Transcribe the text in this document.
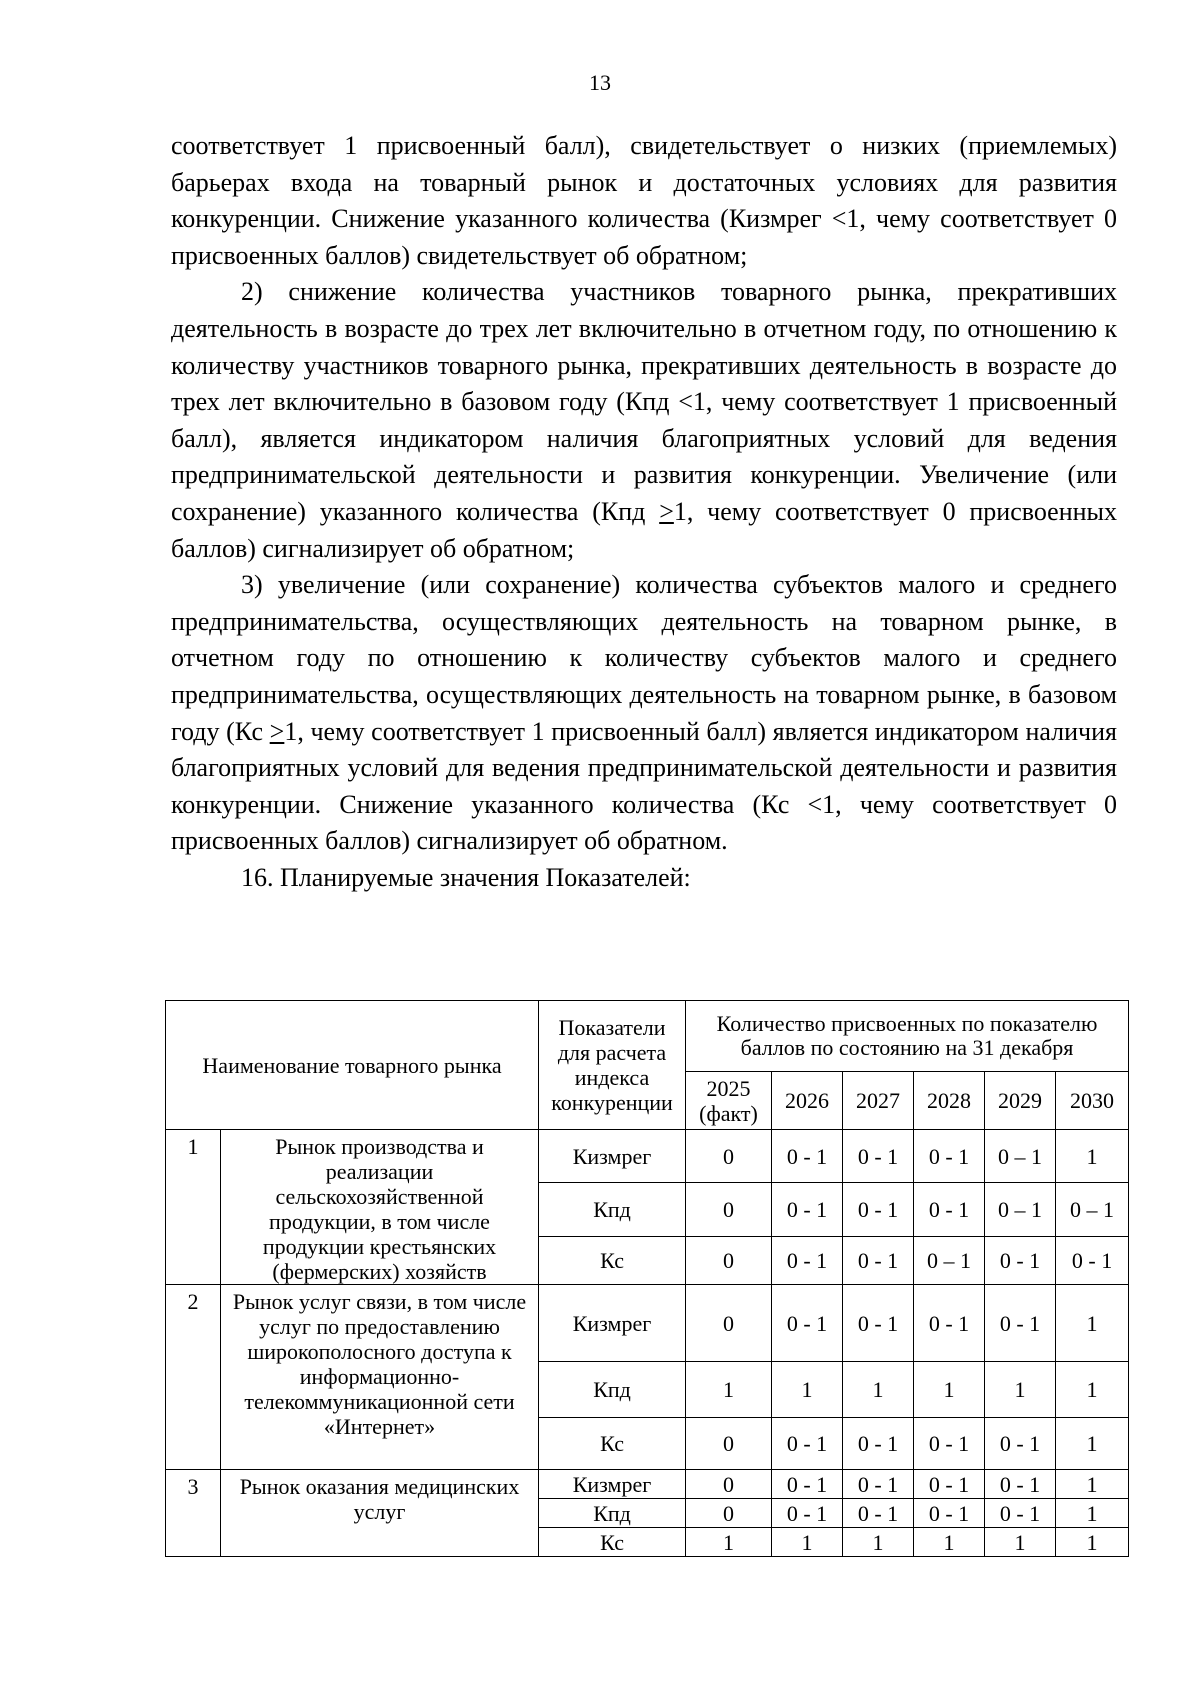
13

соответствует 1 присвоенный балл), свидетельствует о низких (приемлемых) барьерах входа на товарный рынок и достаточных условиях для развития конкуренции. Снижение указанного количества (Кизмрег <1, чему соответствует 0 присвоенных баллов) свидетельствует об обратном;

2) снижение количества участников товарного рынка, прекративших деятельность в возрасте до трех лет включительно в отчетном году, по отношению к количеству участников товарного рынка, прекративших деятельность в возрасте до трех лет включительно в базовом году (Кпд <1, чему соответствует 1 присвоенный балл), является индикатором наличия благоприятных условий для ведения предпринимательской деятельности и развития конкуренции. Увеличение (или сохранение) указанного количества (Кпд >1, чему соответствует 0 присвоенных баллов) сигнализирует об обратном;

3) увеличение (или сохранение) количества субъектов малого и среднего предпринимательства, осуществляющих деятельность на товарном рынке, в отчетном году по отношению к количеству субъектов малого и среднего предпринимательства, осуществляющих деятельность на товарном рынке, в базовом году (Кс >1, чему соответствует 1 присвоенный балл) является индикатором наличия благоприятных условий для ведения предпринимательской деятельности и развития конкуренции. Снижение указанного количества (Кс <1, чему соответствует 0 присвоенных баллов) сигнализирует об обратном.

16. Планируемые значения Показателей:

Наименование товарного рынка		Показатели для расчета индекса конкуренции	Количество присвоенных по показателю баллов по состоянию на 31 декабря					
			2025 (факт)	2026	2027	2028	2029	2030
1	Рынок производства и реализации сельскохозяйственной продукции, в том числе продукции крестьянских (фермерских) хозяйств	Кизмрег	0	0 - 1	0 - 1	0 - 1	0 – 1	1
		Кпд	0	0 - 1	0 - 1	0 - 1	0 – 1	0 – 1
		Кс	0	0 - 1	0 - 1	0 – 1	0 - 1	0 - 1
2	Рынок услуг связи, в том числе услуг по предоставлению широкополосного доступа к информационно-телекоммуникационной сети «Интернет»	Кизмрег	0	0 - 1	0 - 1	0 - 1	0 - 1	1
		Кпд	1	1	1	1	1	1
		Кс	0	0 - 1	0 - 1	0 - 1	0 - 1	1
3	Рынок оказания медицинских услуг	Кизмрег	0	0 - 1	0 - 1	0 - 1	0 - 1	1
		Кпд	0	0 - 1	0 - 1	0 - 1	0 - 1	1
		Кс	1	1	1	1	1	1
